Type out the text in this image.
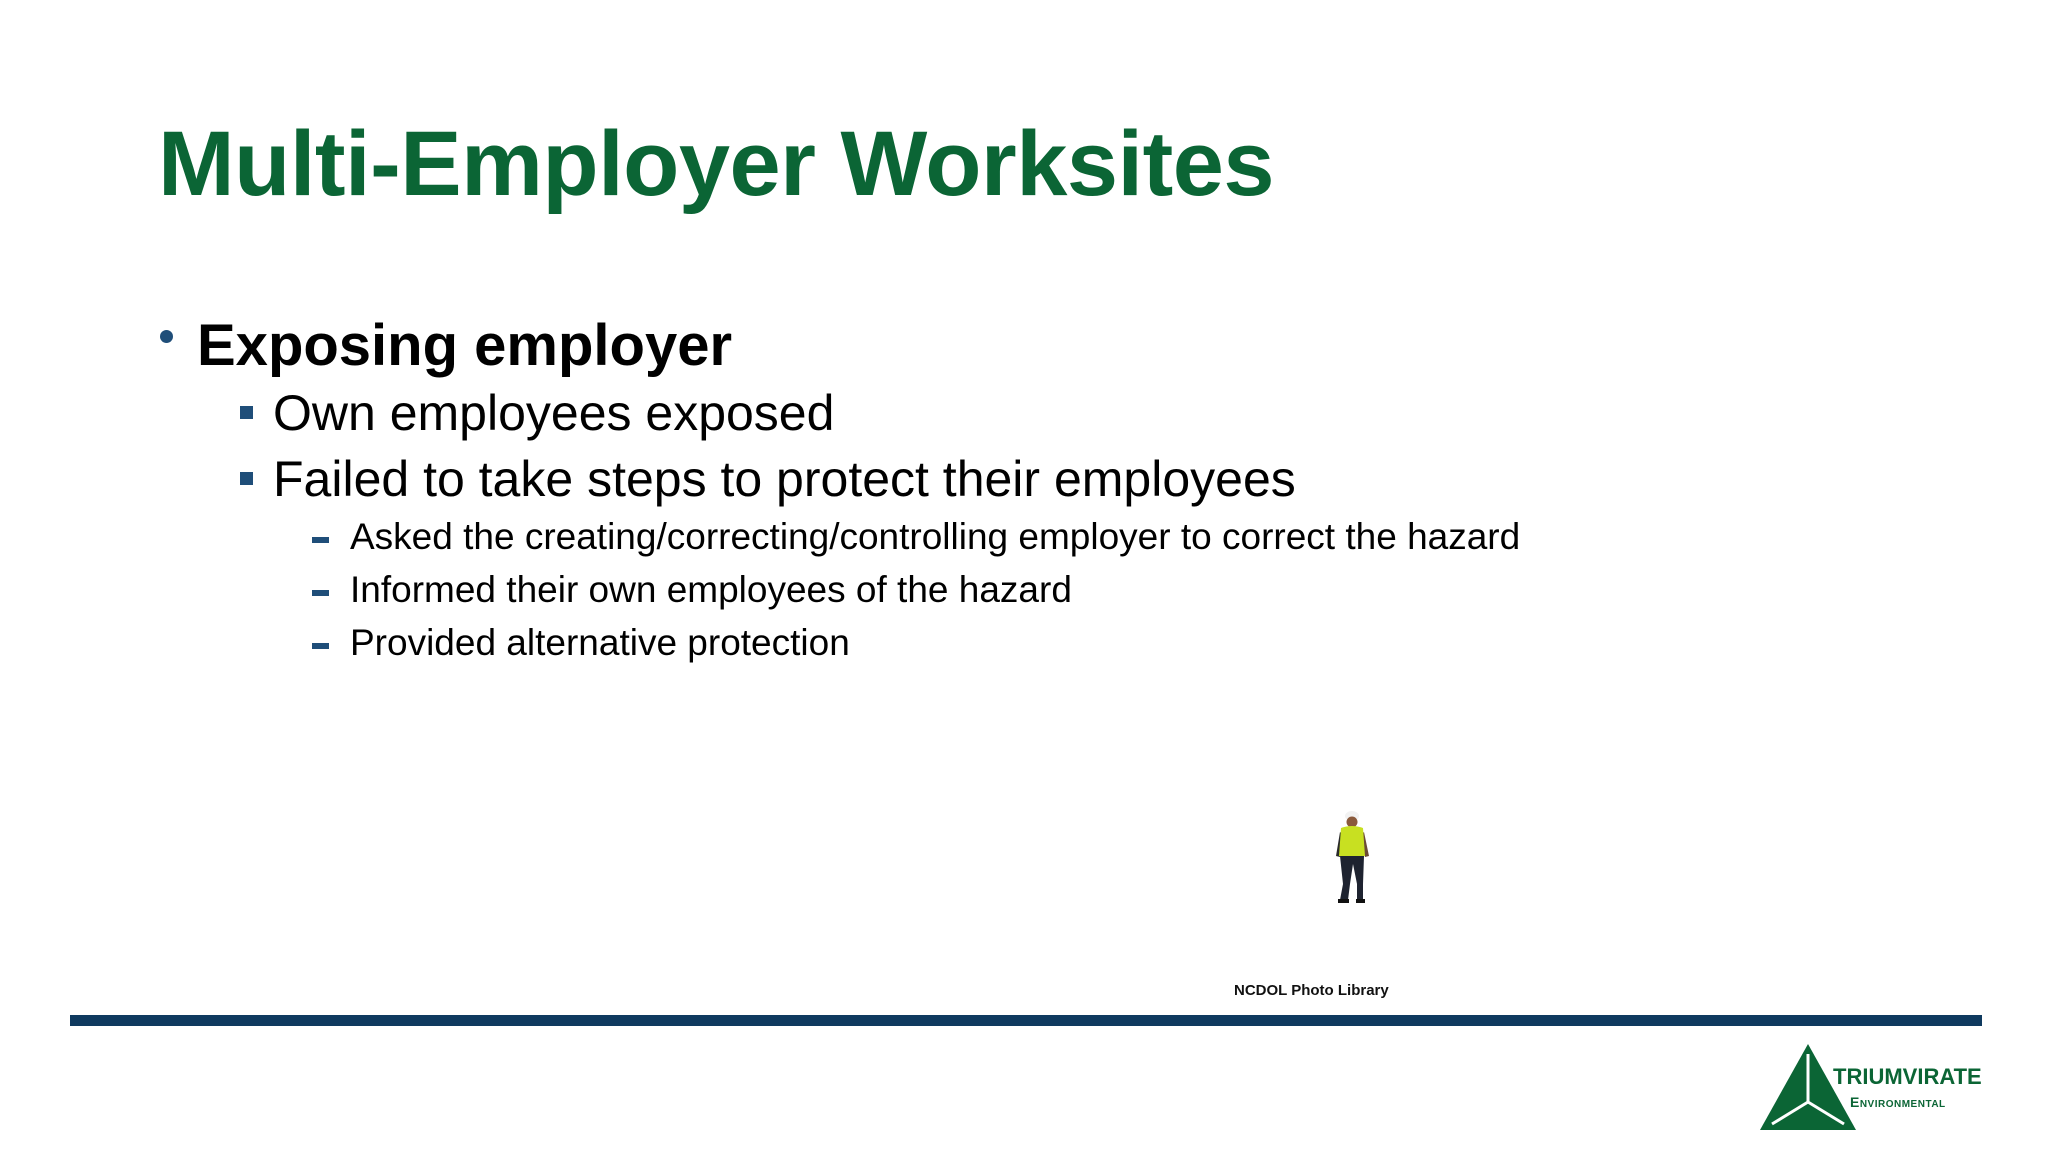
Multi-Employer Worksites
Exposing employer
Own employees exposed
Failed to take steps to protect their employees
Asked the creating/correcting/controlling employer to correct the hazard
Informed their own employees of the hazard
Provided alternative protection
NCDOL Photo Library
TRIUMVIRATE
Environmental
